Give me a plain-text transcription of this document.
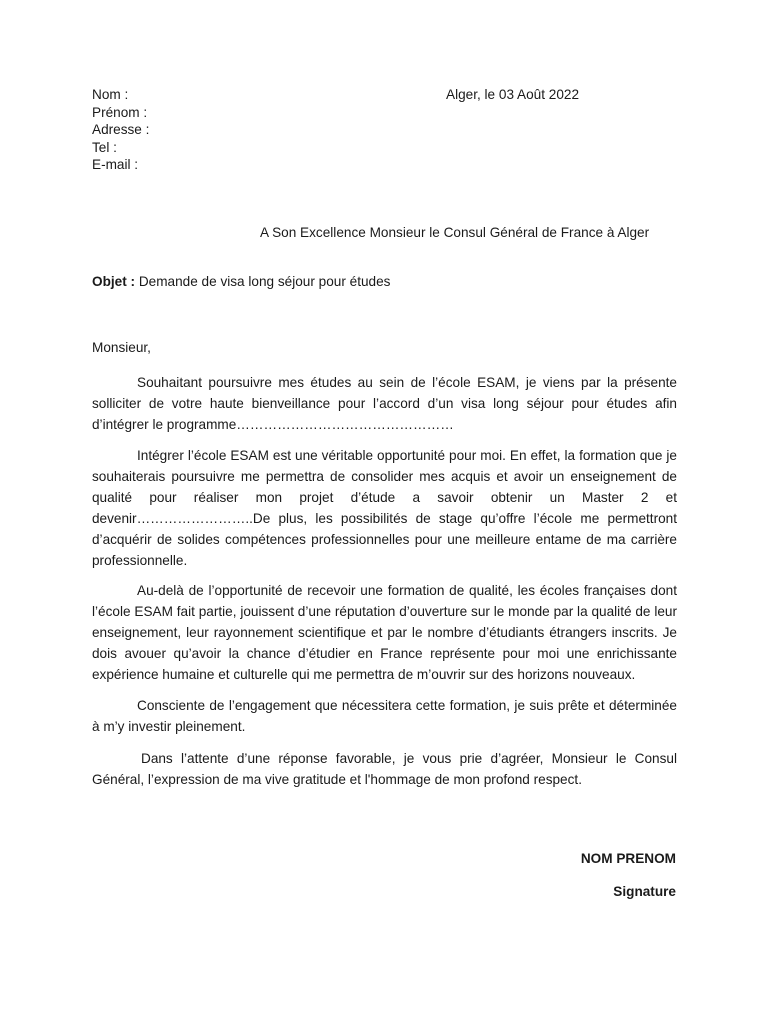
Nom :
Prénom :
Adresse :
Tel :
E-mail :
Alger, le 03 Août 2022
A Son Excellence Monsieur le Consul Général de France à Alger
Objet : Demande de visa long séjour pour études
Monsieur,

Souhaitant poursuivre mes études au sein de l’école ESAM, je viens par la présente solliciter de votre haute bienveillance pour l’accord d’un visa long séjour pour études afin d’intégrer le programme…………………………………………

Intégrer l’école ESAM est une véritable opportunité pour moi. En effet, la formation que je souhaiterais poursuivre me permettra de consolider mes acquis et avoir un enseignement de qualité pour réaliser mon projet d’étude a savoir obtenir un Master 2 et devenir……………………..De plus, les possibilités de stage qu’offre l’école me permettront d’acquérir de solides compétences professionnelles pour une meilleure entame de ma carrière professionnelle.

Au-delà de l’opportunité de recevoir une formation de qualité, les écoles françaises dont l’école ESAM fait partie, jouissent d’une réputation d’ouverture sur le monde par la qualité de leur enseignement, leur rayonnement scientifique et par le nombre d’étudiants étrangers inscrits. Je dois avouer qu’avoir la chance d’étudier en France représente pour moi une enrichissante expérience humaine et culturelle qui me permettra de m’ouvrir sur des horizons nouveaux.

Consciente de l’engagement que nécessitera cette formation, je suis prête et déterminée à m’y investir pleinement.

Dans l’attente d’une réponse favorable, je vous prie d’agréer, Monsieur le Consul Général, l’expression de ma vive gratitude et l'hommage de mon profond respect.

NOM PRENOM
Signature
